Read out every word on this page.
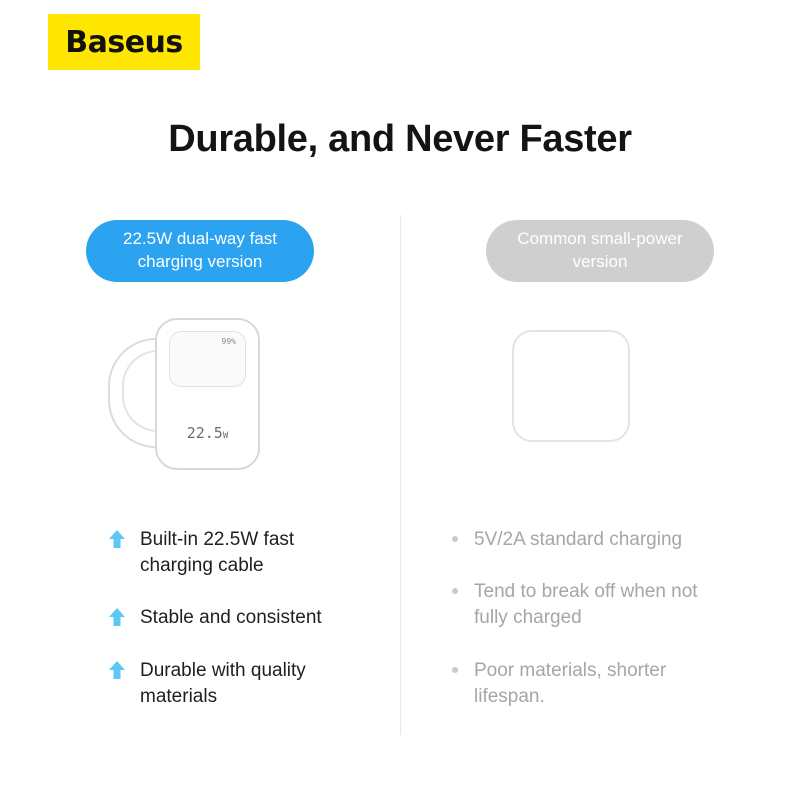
Baseus
Durable, and Never Faster
22.5W dual-way fast charging version
99%
22.5W
Built-in 22.5W fast charging cable
Stable and consistent
Durable with quality materials
Common small-power version
5V/2A standard charging
Tend to break off when not fully charged
Poor materials, shorter lifespan.
